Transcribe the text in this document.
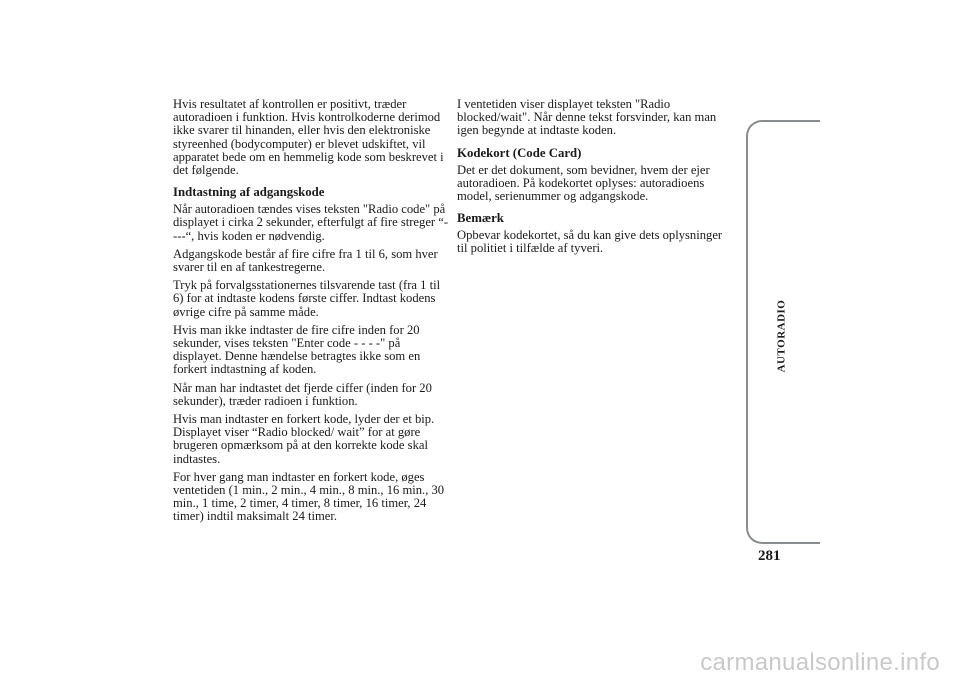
Hvis resultatet af kontrollen er positivt, træder autoradioen i funktion. Hvis kontrolkoderne derimod ikke svarer til hinanden, eller hvis den elektroniske styreenhed (bodycomputer) er blevet udskiftet, vil apparatet bede om en hemmelig kode som beskrevet i det følgende.

Indtastning af adgangskode

Når autoradioen tændes vises teksten "Radio code" på displayet i cirka 2 sekunder, efterfulgt af fire streger “----“, hvis koden er nødvendig.

Adgangskode består af fire cifre fra 1 til 6, som hver svarer til en af tankestregerne.

Tryk på forvalgsstationernes tilsvarende tast (fra 1 til 6) for at indtaste kodens første ciffer. Indtast kodens øvrige cifre på samme måde.

Hvis man ikke indtaster de fire cifre inden for 20 sekunder, vises teksten "Enter code - - - -" på displayet. Denne hændelse betragtes ikke som en forkert indtastning af koden.

Når man har indtastet det fjerde ciffer (inden for 20 sekunder), træder radioen i funktion.

Hvis man indtaster en forkert kode, lyder der et bip. Displayet viser “Radio blocked/ wait” for at gøre brugeren opmærksom på at den korrekte kode skal indtastes.

For hver gang man indtaster en forkert kode, øges ventetiden (1 min., 2 min., 4 min., 8 min., 16 min., 30 min., 1 time, 2 timer, 4 timer, 8 timer, 16 timer, 24 timer) indtil maksimalt 24 timer.

I ventetiden viser displayet teksten "Radio blocked/wait". Når denne tekst forsvinder, kan man igen begynde at indtaste koden.

Kodekort (Code Card)

Det er det dokument, som bevidner, hvem der ejer autoradioen. På kodekortet oplyses: autoradioens model, serienummer og adgangskode.

Bemærk

Opbevar kodekortet, så du kan give dets oplysninger til politiet i tilfælde af tyveri.

AUTORADIO
281
carmanualsonline.info
